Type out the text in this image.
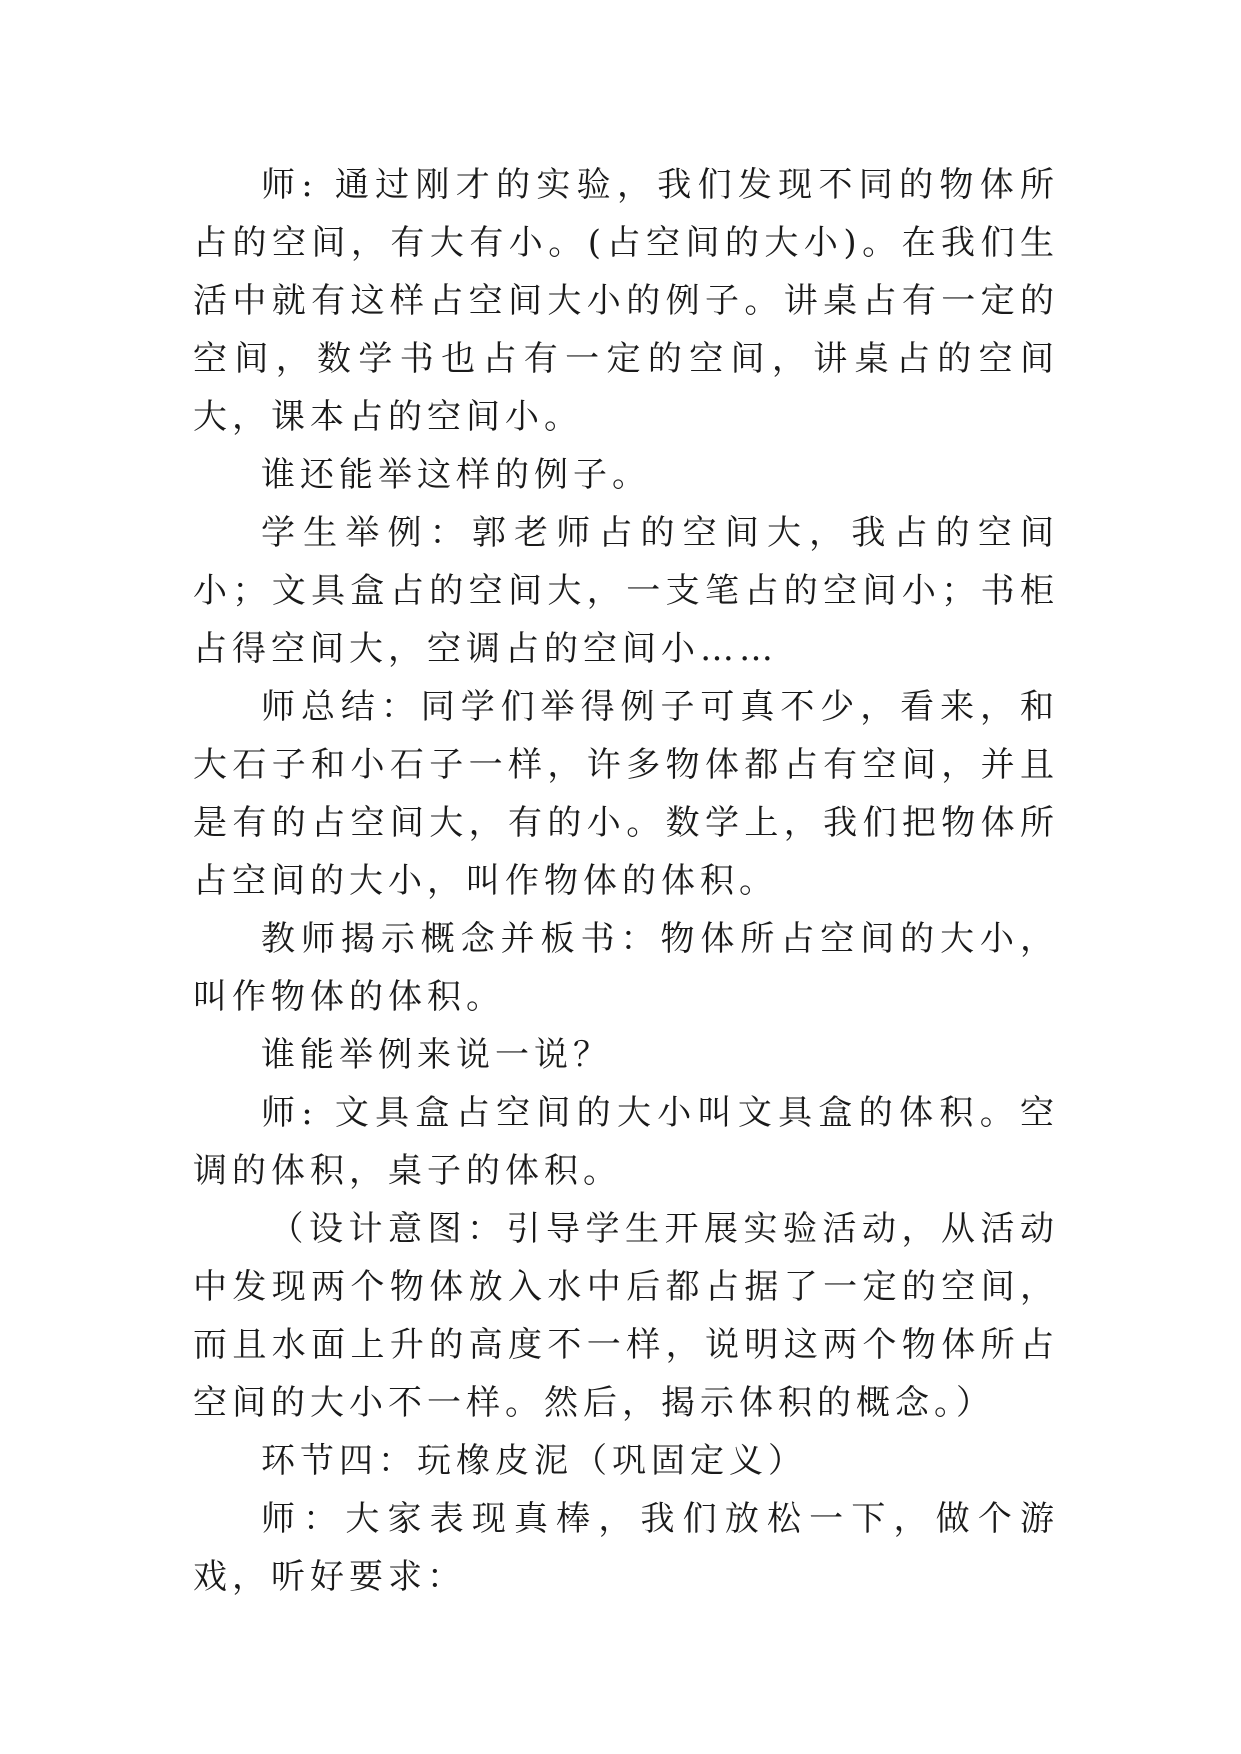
师: 通过刚才的实验，我们发现不同的物体所占的空间，有大有小。(占空间的大小)。在我们生活中就有这样占空间大小的例子。讲桌占有一定的空间，数学书也占有一定的空间，讲桌占的空间大，课本占的空间小。

谁还能举这样的例子。

学生举例：郭老师占的空间大，我占的空间小；文具盒占的空间大，一支笔占的空间小；书柜占得空间大，空调占的空间小……

师总结：同学们举得例子可真不少，看来，和大石子和小石子一样，许多物体都占有空间，并且是有的占空间大，有的小。数学上，我们把物体所占空间的大小，叫作物体的体积。

教师揭示概念并板书：物体所占空间的大小，叫作物体的体积。

谁能举例来说一说？

师: 文具盒占空间的大小叫文具盒的体积。空调的体积，桌子的体积。

（设计意图：引导学生开展实验活动，从活动中发现两个物体放入水中后都占据了一定的空间，而且水面上升的高度不一样，说明这两个物体所占空间的大小不一样。然后，揭示体积的概念。）

环节四：玩橡皮泥（巩固定义）

师：大家表现真棒，我们放松一下，做个游戏，听好要求：
